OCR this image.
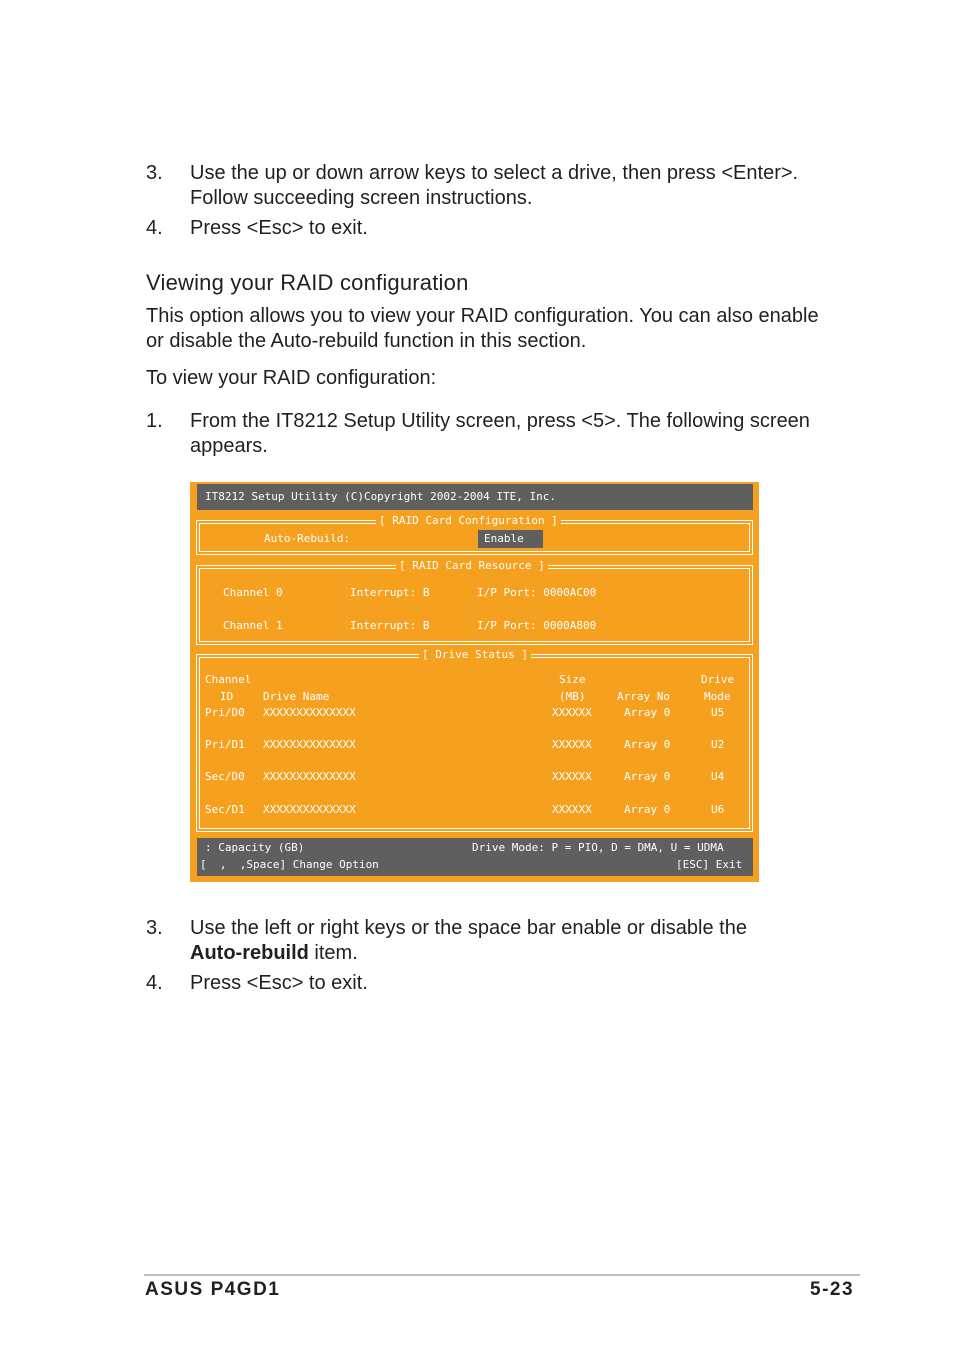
3. Use the up or down arrow keys to select a drive, then press <Enter>.
Follow succeeding screen instructions.
4. Press <Esc> to exit.
Viewing your RAID configuration
This option allows you to view your RAID configuration. You can also enable
or disable the Auto-rebuild function in this section.
To view your RAID configuration:
1. From the IT8212 Setup Utility screen, press <5>. The following screen
appears.
IT8212 Setup Utility (C)Copyright 2002-2004 ITE, Inc.
[ RAID Card Configuration ]
Auto-Rebuild:	Enable
[ RAID Card Resource ]
Channel 0	Interrupt: B	I/P Port: 0000AC00
Channel 1	Interrupt: B	I/P Port: 0000A800
[ Drive Status ]
Channel	Size	Drive
ID	Drive Name	(MB)	Array No	Mode
Pri/D0 XXXXXXXXXXXXXX	XXXXXX	Array 0	U5
Pri/D1 XXXXXXXXXXXXXX	XXXXXX	Array 0	U2
Sec/D0 XXXXXXXXXXXXXX	XXXXXX	Array 0	U4
Sec/D1 XXXXXXXXXXXXXX	XXXXXX	Array 0	U6
: Capacity (GB)	Drive Mode: P = PIO, D = DMA, U = UDMA
[  ,  ,Space] Change Option	[ESC] Exit
3. Use the left or right keys or the space bar enable or disable the
Auto-rebuild item.
4. Press <Esc> to exit.
ASUS P4GD1	5-23
